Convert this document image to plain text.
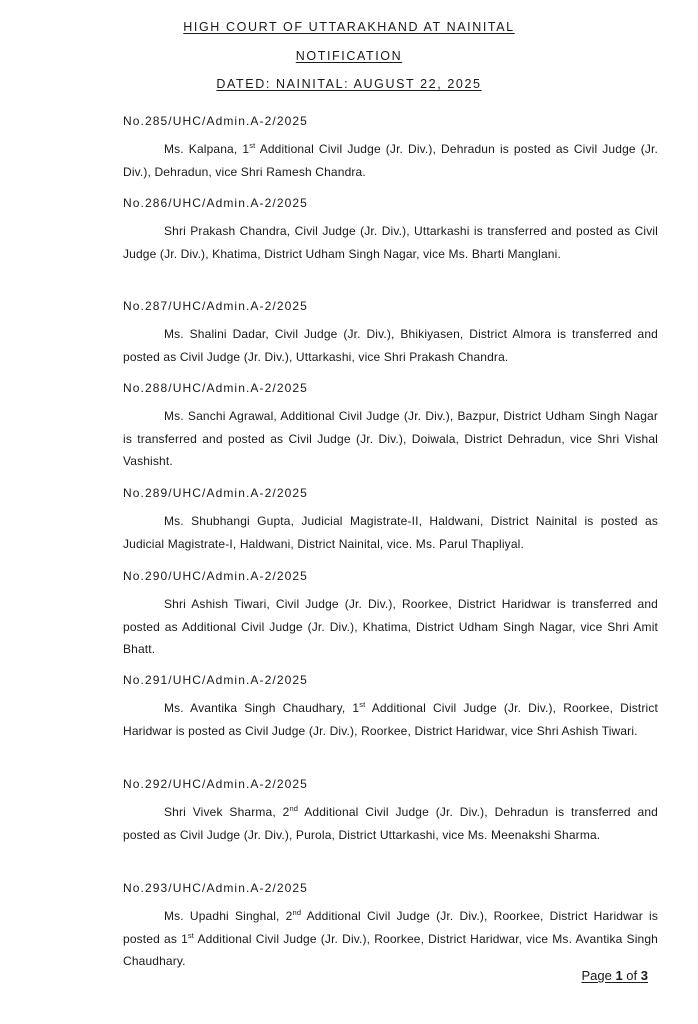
HIGH COURT OF UTTARAKHAND AT NAINITAL
NOTIFICATION
DATED: NAINITAL: AUGUST 22, 2025
No.285/UHC/Admin.A-2/2025

Ms. Kalpana, 1st Additional Civil Judge (Jr. Div.), Dehradun is posted as Civil Judge (Jr. Div.), Dehradun, vice Shri Ramesh Chandra.

No.286/UHC/Admin.A-2/2025

Shri Prakash Chandra, Civil Judge (Jr. Div.), Uttarkashi is transferred and posted as Civil Judge (Jr. Div.), Khatima, District Udham Singh Nagar, vice Ms. Bharti Manglani.

No.287/UHC/Admin.A-2/2025

Ms. Shalini Dadar, Civil Judge (Jr. Div.), Bhikiyasen, District Almora is transferred and posted as Civil Judge (Jr. Div.), Uttarkashi, vice Shri Prakash Chandra.

No.288/UHC/Admin.A-2/2025

Ms. Sanchi Agrawal, Additional Civil Judge (Jr. Div.), Bazpur, District Udham Singh Nagar is transferred and posted as Civil Judge (Jr. Div.), Doiwala, District Dehradun, vice Shri Vishal Vashisht.

No.289/UHC/Admin.A-2/2025

Ms. Shubhangi Gupta, Judicial Magistrate-II, Haldwani, District Nainital is posted as Judicial Magistrate-I, Haldwani, District Nainital, vice. Ms. Parul Thapliyal.

No.290/UHC/Admin.A-2/2025

Shri Ashish Tiwari, Civil Judge (Jr. Div.), Roorkee, District Haridwar is transferred and posted as Additional Civil Judge (Jr. Div.), Khatima, District Udham Singh Nagar, vice Shri Amit Bhatt.

No.291/UHC/Admin.A-2/2025

Ms. Avantika Singh Chaudhary, 1st Additional Civil Judge (Jr. Div.), Roorkee, District Haridwar is posted as Civil Judge (Jr. Div.), Roorkee, District Haridwar, vice Shri Ashish Tiwari.

No.292/UHC/Admin.A-2/2025

Shri Vivek Sharma, 2nd Additional Civil Judge (Jr. Div.), Dehradun is transferred and posted as Civil Judge (Jr. Div.), Purola, District Uttarkashi, vice Ms. Meenakshi Sharma.

No.293/UHC/Admin.A-2/2025

Ms. Upadhi Singhal, 2nd Additional Civil Judge (Jr. Div.), Roorkee, District Haridwar is posted as 1st Additional Civil Judge (Jr. Div.), Roorkee, District Haridwar, vice Ms. Avantika Singh Chaudhary.

Page 1 of 3
